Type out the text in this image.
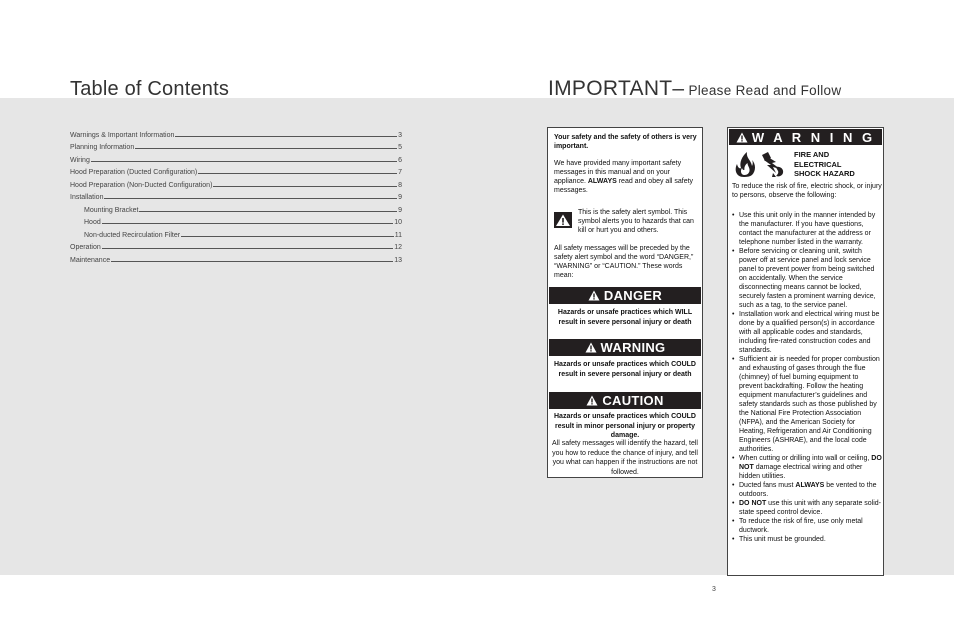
Table of Contents	IMPORTANT– Please Read and Follow
Warnings & Important Information	3
Planning Information	5
Wiring	6
Hood Preparation (Ducted Configuration)	7
Hood Preparation (Non-Ducted Configuration)	8
Installation	9
Mounting Bracket	9
Hood	10
Non-ducted Recirculation Filter	11
Operation	12
Maintenance	13
Your safety and the safety of others is very important.
We have provided many important safety messages in this manual and on your appliance. ALWAYS read and obey all safety messages.
This is the safety alert symbol. This symbol alerts you to hazards that can kill or hurt you and others.
All safety messages will be preceded by the safety alert symbol and the word “DANGER,” “WARNING” or “CAUTION.” These words mean:
DANGER
Hazards or unsafe practices which WILL result in severe personal injury or death
WARNING
Hazards or unsafe practices which COULD result in severe personal injury or death
CAUTION
Hazards or unsafe practices which COULD result in minor personal injury or property damage.
All safety messages will identify the hazard, tell you how to reduce the chance of injury, and tell you what can happen if the instructions are not followed.
W A R N I N G
FIRE AND
ELECTRICAL
SHOCK HAZARD
To reduce the risk of fire, electric shock, or injury to persons, observe the following:
• Use this unit only in the manner intended by the manufacturer. If you have questions, contact the manufacturer at the address or telephone number listed in the warranty.
• Before servicing or cleaning unit, switch power off at service panel and lock service panel to prevent power from being switched on accidentally. When the service disconnecting means cannot be locked, securely fasten a prominent warning device, such as a tag, to the service panel.
• Installation work and electrical wiring must be done by a qualified person(s) in accordance with all applicable codes and standards, including fire-rated construction codes and standards.
• Sufficient air is needed for proper combustion and exhausting of gases through the flue (chimney) of fuel burning equipment to prevent backdrafting. Follow the heating equipment manufacturer’s guidelines and safety standards such as those published by the National Fire Protection Association (NFPA), and the American Society for Heating, Refrigeration and Air Conditioning Engineers (ASHRAE), and the local code authorities.
• When cutting or drilling into wall or ceiling, DO NOT damage electrical wiring and other hidden utilities.
• Ducted fans must ALWAYS be vented to the outdoors.
• DO NOT use this unit with any separate solid-state speed control device.
• To reduce the risk of fire, use only metal ductwork.
• This unit must be grounded.
3
